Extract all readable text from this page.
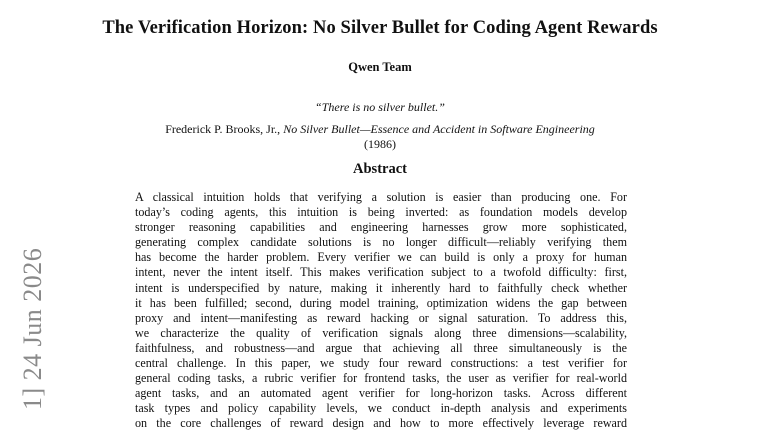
The Verification Horizon: No Silver Bullet for Coding Agent Rewards
Qwen Team
“There is no silver bullet.”
Frederick P. Brooks, Jr., No Silver Bullet—Essence and Accident in Software Engineering
(1986)
Abstract
A classical intuition holds that verifying a solution is easier than producing one. For
today’s coding agents, this intuition is being inverted: as foundation models develop
stronger reasoning capabilities and engineering harnesses grow more sophisticated,
generating complex candidate solutions is no longer difficult—reliably verifying them
has become the harder problem. Every verifier we can build is only a proxy for human
intent, never the intent itself. This makes verification subject to a twofold difficulty: first,
intent is underspecified by nature, making it inherently hard to faithfully check whether
it has been fulfilled; second, during model training, optimization widens the gap between
proxy and intent—manifesting as reward hacking or signal saturation. To address this,
we characterize the quality of verification signals along three dimensions—scalability,
faithfulness, and robustness—and argue that achieving all three simultaneously is the
central challenge. In this paper, we study four reward constructions: a test verifier for
general coding tasks, a rubric verifier for frontend tasks, the user as verifier for real-world
agent tasks, and an automated agent verifier for long-horizon tasks. Across different
task types and policy capability levels, we conduct in-depth analysis and experiments
on the core challenges of reward design and how to more effectively leverage reward
1] 24 Jun 2026
